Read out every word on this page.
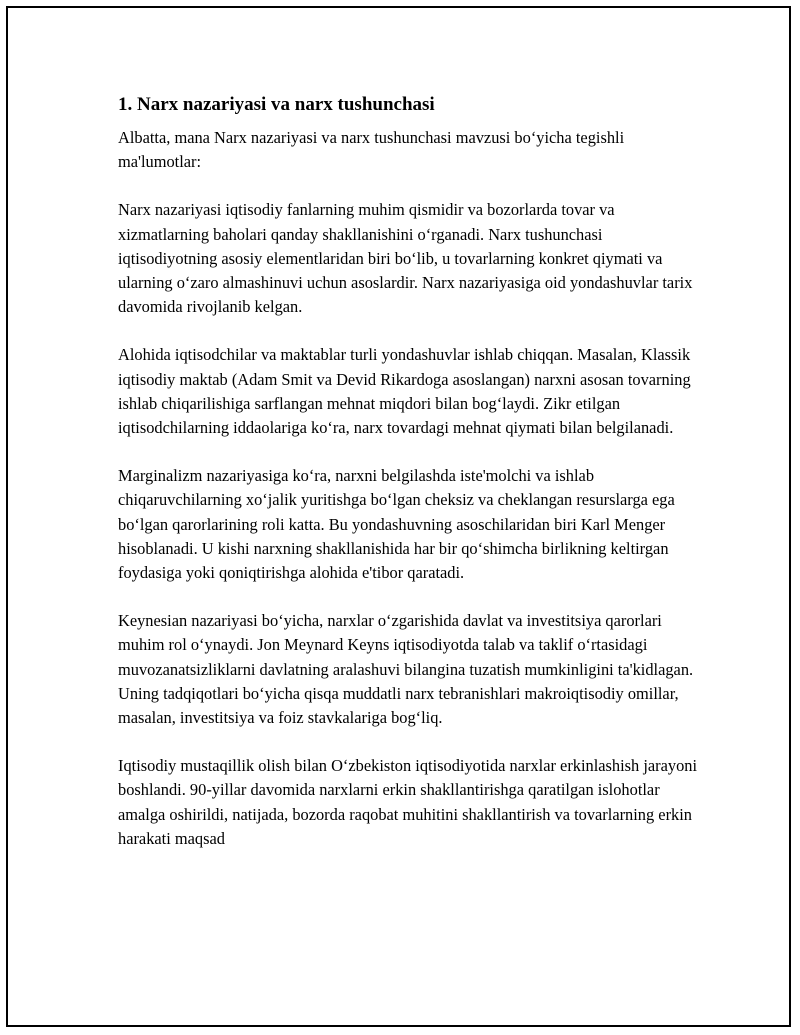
1. Narx nazariyasi va narx tushunchasi

Albatta, mana Narx nazariyasi va narx tushunchasi mavzusi bo‘yicha tegishli ma'lumotlar:

Narx nazariyasi iqtisodiy fanlarning muhim qismidir va bozorlarda tovar va xizmatlarning baholari qanday shakllanishini o‘rganadi. Narx tushunchasi iqtisodiyotning asosiy elementlaridan biri bo‘lib, u tovarlarning konkret qiymati va ularning o‘zaro almashinuvi uchun asoslardir. Narx nazariyasiga oid yondashuvlar tarix davomida rivojlanib kelgan.

Alohida iqtisodchilar va maktablar turli yondashuvlar ishlab chiqqan. Masalan, Klassik iqtisodiy maktab (Adam Smit va Devid Rikardoga asoslangan) narxni asosan tovarning ishlab chiqarilishiga sarflangan mehnat miqdori bilan bog‘laydi. Zikr etilgan iqtisodchilarning iddaolariga ko‘ra, narx tovardagi mehnat qiymati bilan belgilanadi.

Marginalizm nazariyasiga ko‘ra, narxni belgilashda iste'molchi va ishlab chiqaruvchilarning xo‘jalik yuritishga bo‘lgan cheksiz va cheklangan resurslarga ega bo‘lgan qarorlarining roli katta. Bu yondashuvning asoschilaridan biri Karl Menger hisoblanadi. U kishi narxning shakllanishida har bir qo‘shimcha birlikning keltirgan foydasiga yoki qoniqtirishga alohida e'tibor qaratadi.

Keynesian nazariyasi bo‘yicha, narxlar o‘zgarishida davlat va investitsiya qarorlari muhim rol o‘ynaydi. Jon Meynard Keyns iqtisodiyotda talab va taklif o‘rtasidagi muvozanatsizliklarni davlatning aralashuvi bilangina tuzatish mumkinligini ta'kidlagan. Uning tadqiqotlari bo‘yicha qisqa muddatli narx tebranishlari makroiqtisodiy omillar, masalan, investitsiya va foiz stavkalariga bog‘liq.

Iqtisodiy mustaqillik olish bilan O‘zbekiston iqtisodiyotida narxlar erkinlashish jarayoni boshlandi. 90-yillar davomida narxlarni erkin shakllantirishga qaratilgan islohotlar amalga oshirildi, natijada, bozorda raqobat muhitini shakllantirish va tovarlarning erkin harakati maqsad
